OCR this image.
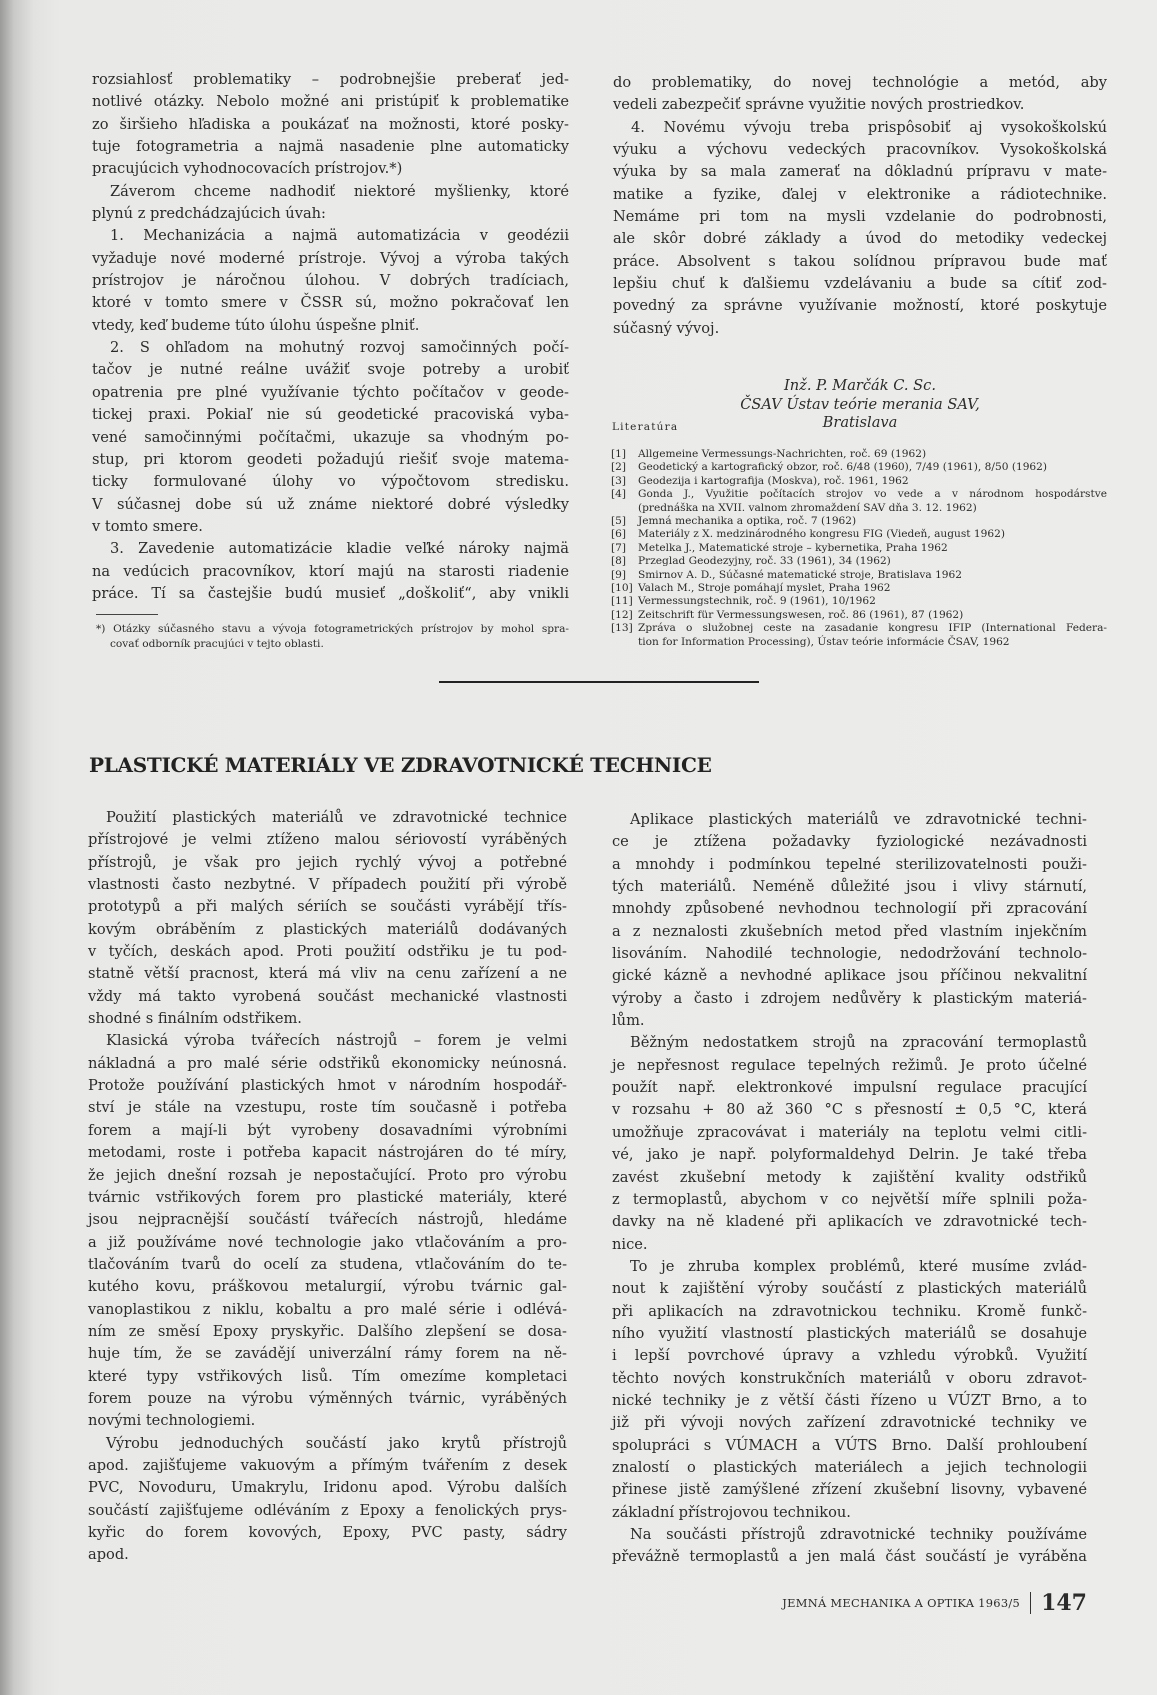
rozsiahlosť problematiky – podrobnejšie preberať jed-
notlivé otázky. Nebolo možné ani pristúpiť k problematike
zo širšieho hľadiska a poukázať na možnosti, ktoré posky-
tuje fotogrametria a najmä nasadenie plne automaticky
pracujúcich vyhodnocovacích prístrojov.*)
Záverom chceme nadhodiť niektoré myšlienky, ktoré
plynú z predchádzajúcich úvah:
1. Mechanizácia a najmä automatizácia v geodézii
vyžaduje nové moderné prístroje. Vývoj a výroba takých
prístrojov je náročnou úlohou. V dobrých tradíciach,
ktoré v tomto smere v ČSSR sú, možno pokračovať len
vtedy, keď budeme túto úlohu úspešne plniť.
2. S ohľadom na mohutný rozvoj samočinných počí-
tačov je nutné reálne uvážiť svoje potreby a urobiť
opatrenia pre plné využívanie týchto počítačov v geode-
tickej praxi. Pokiaľ nie sú geodetické pracoviská vyba-
vené samočinnými počítačmi, ukazuje sa vhodným po-
stup, pri ktorom geodeti požadujú riešiť svoje matema-
ticky formulované úlohy vo výpočtovom stredisku.
V súčasnej dobe sú už známe niektoré dobré výsledky
v tomto smere.
3. Zavedenie automatizácie kladie veľké nároky najmä
na vedúcich pracovníkov, ktorí majú na starosti riadenie
práce. Tí sa častejšie budú musieť „doškoliť“, aby vnikli
*) Otázky súčasného stavu a vývoja fotogrametrických prístrojov by mohol spra-
covať odborník pracujúci v tejto oblasti.
do problematiky, do novej technológie a metód, aby
vedeli zabezpečiť správne využitie nových prostriedkov.
4. Novému vývoju treba prispôsobiť aj vysokoškolskú
výuku a výchovu vedeckých pracovníkov. Vysokoškolská
výuka by sa mala zamerať na dôkladnú prípravu v mate-
matike a fyzike, ďalej v elektronike a rádiotechnike.
Nemáme pri tom na mysli vzdelanie do podrobnosti,
ale skôr dobré základy a úvod do metodiky vedeckej
práce. Absolvent s takou solídnou prípravou bude mať
lepšiu chuť k ďalšiemu vzdelávaniu a bude sa cítiť zod-
povedný za správne využívanie možností, ktoré poskytuje
súčasný vývoj.
Inž. P. Marčák C. Sc.
ČSAV Ústav teórie merania SAV,
Bratislava
Literatúra
[1]	Allgemeine Vermessungs-Nachrichten, roč. 69 (1962)
[2]	Geodetický a kartografický obzor, roč. 6/48 (1960), 7/49 (1961), 8/50 (1962)
[3]	Geodezija i kartografija (Moskva), roč. 1961, 1962
[4]	Gonda J., Využitie počítacích strojov vo vede a v národnom hospodárstve
(prednáška na XVII. valnom zhromaždení SAV dňa 3. 12. 1962)
[5]	Jemná mechanika a optika, roč. 7 (1962)
[6]	Materiály z X. medzinárodného kongresu FIG (Viedeň, august 1962)
[7]	Metelka J., Matematické stroje – kybernetika, Praha 1962
[8]	Przeglad Geodezyjny, roč. 33 (1961), 34 (1962)
[9]	Smirnov A. D., Súčasné matematické stroje, Bratislava 1962
[10] Valach M., Stroje pomáhají myslet, Praha 1962
[11] Vermessungstechnik, roč. 9 (1961), 10/1962
[12] Zeitschrift für Vermessungswesen, roč. 86 (1961), 87 (1962)
[13] Zpráva o služobnej ceste na zasadanie kongresu IFIP (International Federa-
tion for Information Processing), Ústav teórie informácie ČSAV, 1962
PLASTICKÉ MATERIÁLY VE ZDRAVOTNICKÉ TECHNICE
Použití plastických materiálů ve zdravotnické technice
přístrojové je velmi ztíženo malou sériovostí vyráběných
přístrojů, je však pro jejich rychlý vývoj a potřebné
vlastnosti často nezbytné. V případech použití při výrobě
prototypů a při malých sériích se součásti vyrábějí třís-
kovým obráběním z plastických materiálů dodávaných
v tyčích, deskách apod. Proti použití odstřiku je tu pod-
statně větší pracnost, která má vliv na cenu zařízení a ne
vždy má takto vyrobená součást mechanické vlastnosti
shodné s finálním odstřikem.
Klasická výroba tvářecích nástrojů – forem je velmi
nákladná a pro malé série odstřiků ekonomicky neúnosná.
Protože používání plastických hmot v národním hospodář-
ství je stále na vzestupu, roste tím současně i potřeba
forem a mají-li být vyrobeny dosavadními výrobními
metodami, roste i potřeba kapacit nástrojáren do té míry,
že jejich dnešní rozsah je nepostačující. Proto pro výrobu
tvárnic vstřikových forem pro plastické materiály, které
jsou nejpracnější součástí tvářecích nástrojů, hledáme
a již používáme nové technologie jako vtlačováním a pro-
tlačováním tvarů do ocelí za studena, vtlačováním do te-
kutého kovu, práškovou metalurgií, výrobu tvárnic gal-
vanoplastikou z niklu, kobaltu a pro malé série i odlévá-
ním ze směsí Epoxy pryskyřic. Dalšího zlepšení se dosa-
huje tím, že se zavádějí univerzální rámy forem na ně-
které typy vstřikových lisů. Tím omezíme kompletaci
forem pouze na výrobu výměnných tvárnic, vyráběných
novými technologiemi.
Výrobu jednoduchých součástí jako krytů přístrojů
apod. zajišťujeme vakuovým a přímým tvářením z desek
PVC, Novoduru, Umakrylu, Iridonu apod. Výrobu dalších
součástí zajišťujeme odléváním z Epoxy a fenolických prys-
kyřic do forem kovových, Epoxy, PVC pasty, sádry
apod.
Aplikace plastických materiálů ve zdravotnické techni-
ce je ztížena požadavky fyziologické nezávadnosti
a mnohdy i podmínkou tepelné sterilizovatelnosti použi-
tých materiálů. Neméně důležité jsou i vlivy stárnutí,
mnohdy způsobené nevhodnou technologií při zpracování
a z neznalosti zkušebních metod před vlastním injekčním
lisováním. Nahodilé technologie, nedodržování technolo-
gické kázně a nevhodné aplikace jsou příčinou nekvalitní
výroby a často i zdrojem nedůvěry k plastickým materiá-
lům.
Běžným nedostatkem strojů na zpracování termoplastů
je nepřesnost regulace tepelných režimů. Je proto účelné
použít např. elektronkové impulsní regulace pracující
v rozsahu + 80 až 360 °C s přesností ± 0,5 °C, která
umožňuje zpracovávat i materiály na teplotu velmi citli-
vé, jako je např. polyformaldehyd Delrin. Je také třeba
zavést zkušební metody k zajištění kvality odstřiků
z termoplastů, abychom v co největší míře splnili poža-
davky na ně kladené při aplikacích ve zdravotnické tech-
nice.
To je zhruba komplex problémů, které musíme zvlád-
nout k zajištění výroby součástí z plastických materiálů
při aplikacích na zdravotnickou techniku. Kromě funkč-
ního využití vlastností plastických materiálů se dosahuje
i lepší povrchové úpravy a vzhledu výrobků. Využití
těchto nových konstrukčních materiálů v oboru zdravot-
nické techniky je z větší části řízeno u VÚZT Brno, a to
již při vývoji nových zařízení zdravotnické techniky ve
spolupráci s VÚMACH a VÚTS Brno. Další prohloubení
znalostí o plastických materiálech a jejich technologii
přinese jistě zamýšlené zřízení zkušební lisovny, vybavené
základní přístrojovou technikou.
Na součásti přístrojů zdravotnické techniky používáme
převážně termoplastů a jen malá část součástí je vyráběna
JEMNÁ MECHANIKA A OPTIKA 1963/5 147
